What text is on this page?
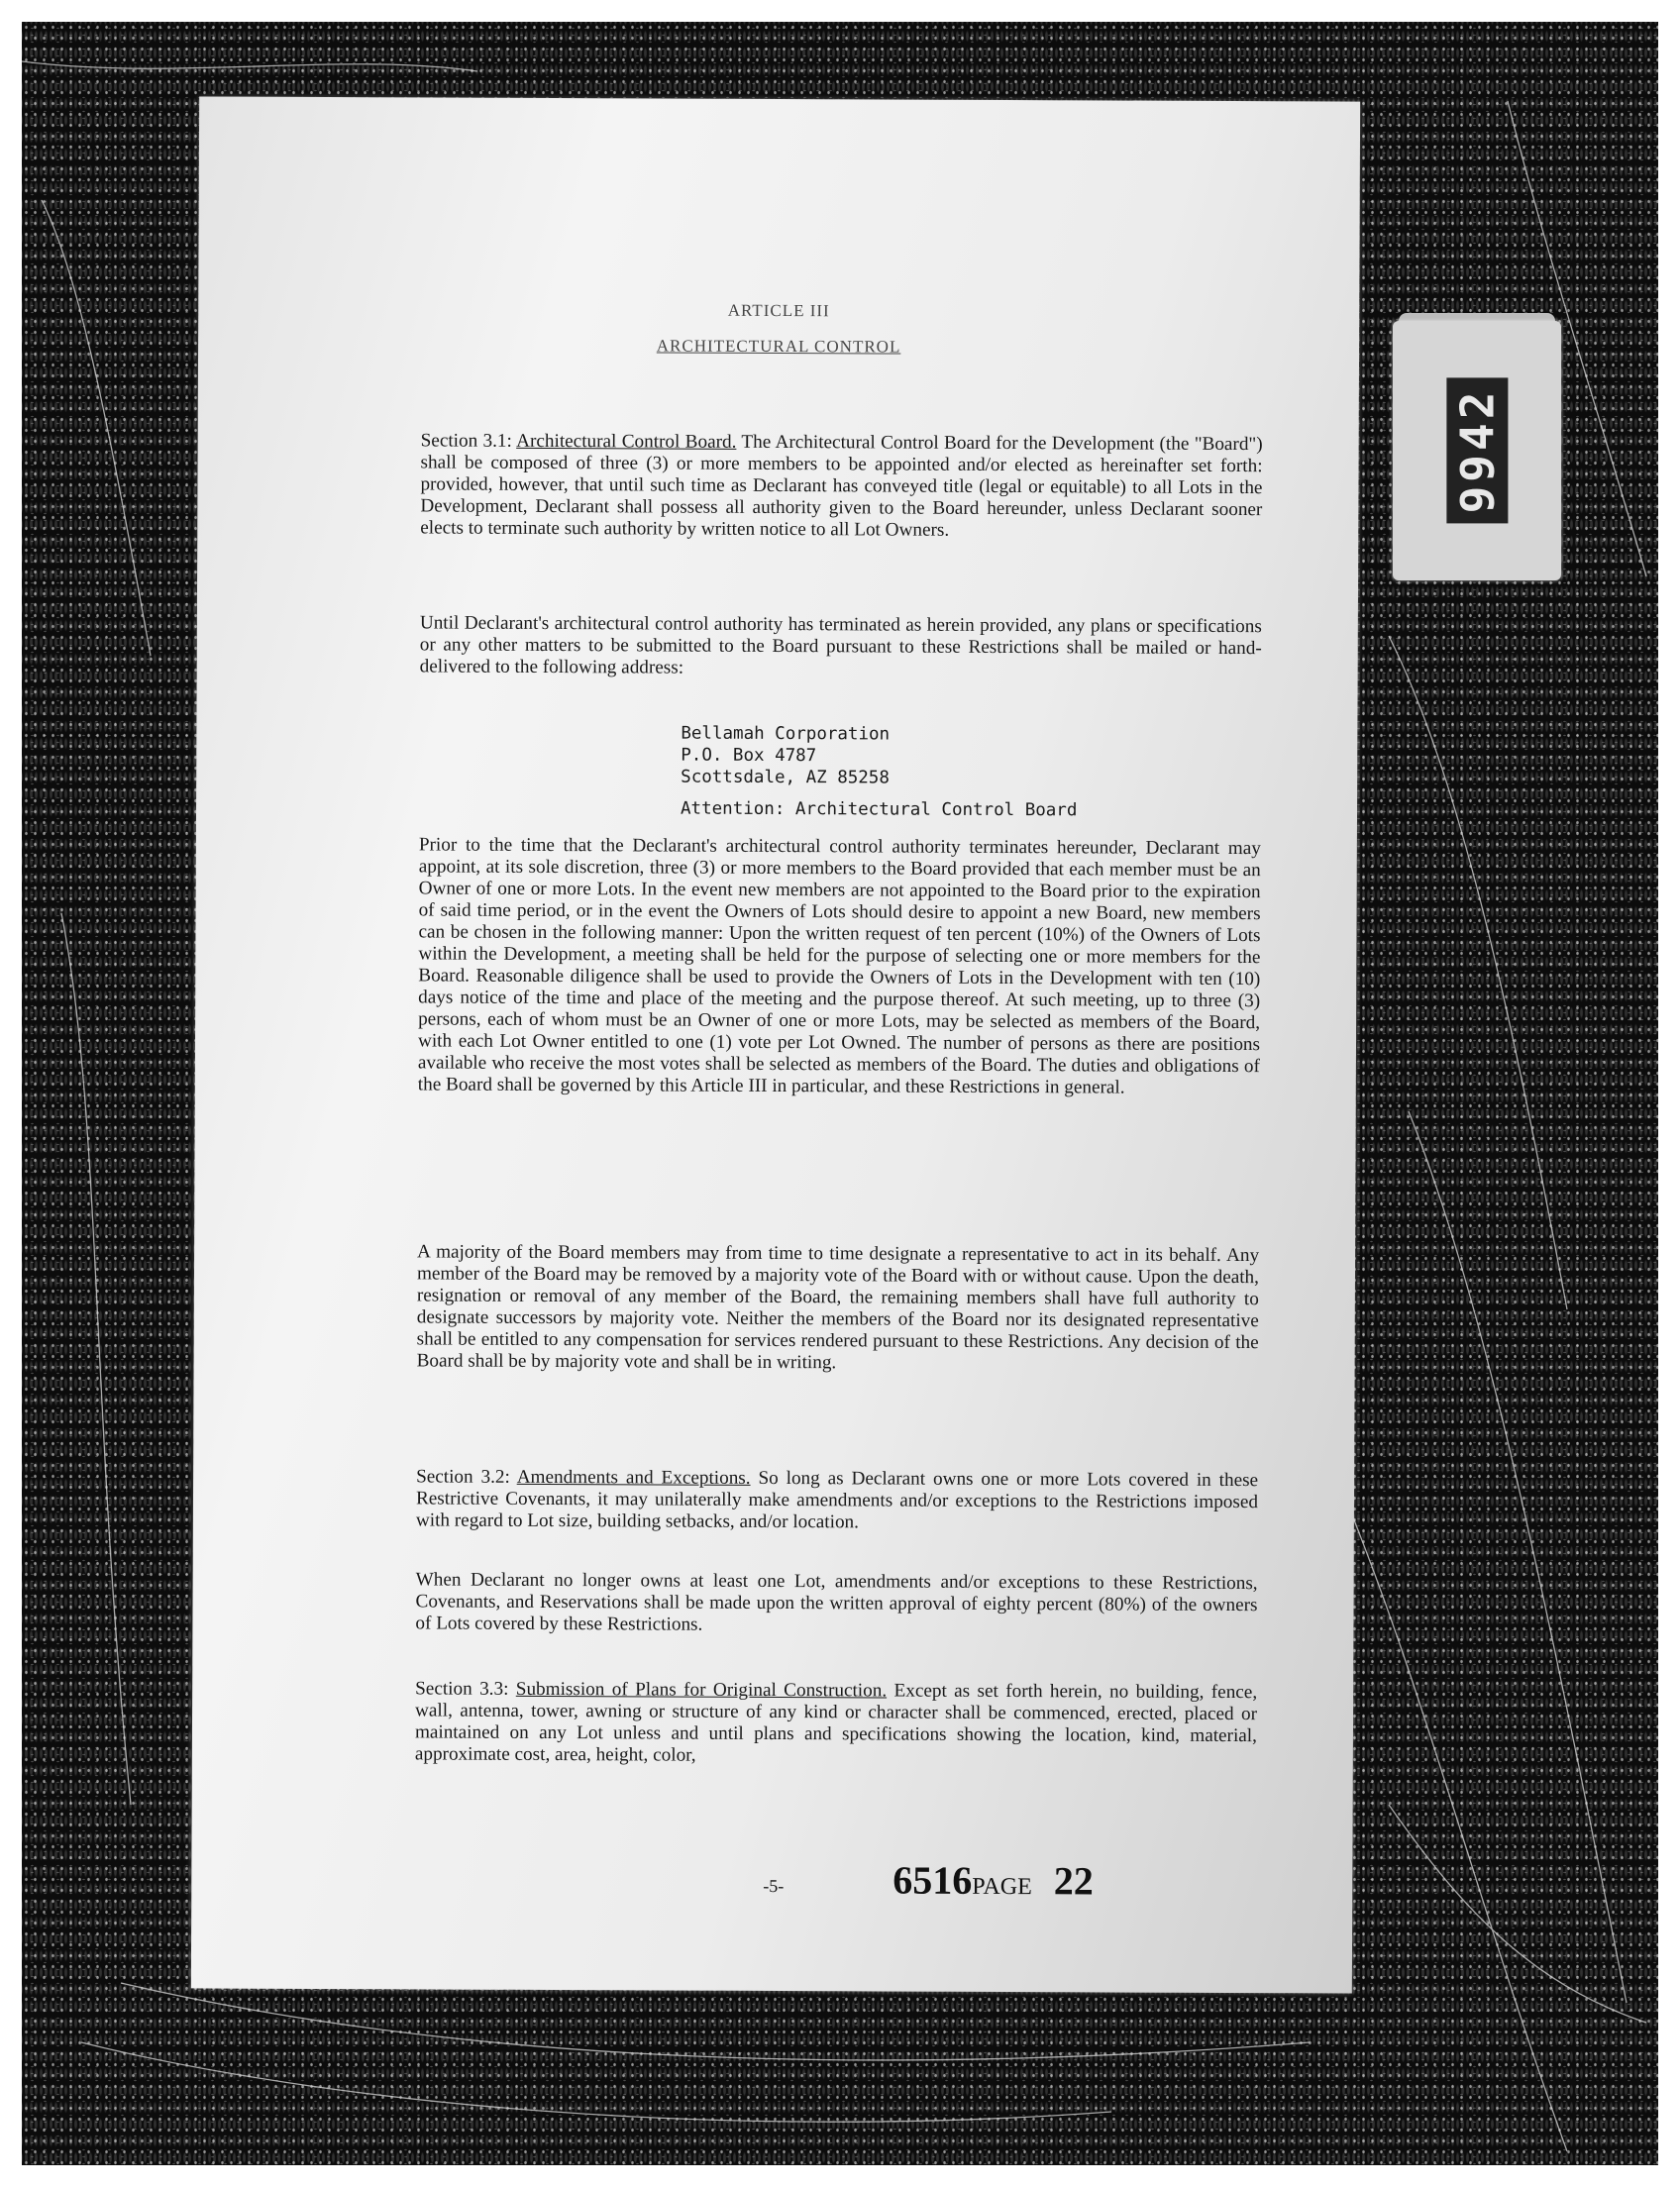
ARTICLE III
ARCHITECTURAL CONTROL

Section 3.1: Architectural Control Board. The Architectural Control Board for the Development (the "Board") shall be composed of three (3) or more members to be appointed and/or elected as hereinafter set forth: provided, however, that until such time as Declarant has conveyed title (legal or equitable) to all Lots in the Development, Declarant shall possess all authority given to the Board hereunder, unless Declarant sooner elects to terminate such authority by written notice to all Lot Owners.

Until Declarant's architectural control authority has terminated as herein provided, any plans or specifications or any other matters to be submitted to the Board pursuant to these Restrictions shall be mailed or hand-delivered to the following address:

Bellamah Corporation
P.O. Box 4787
Scottsdale, AZ 85258
Attention: Architectural Control Board

Prior to the time that the Declarant's architectural control authority terminates hereunder, Declarant may appoint, at its sole discretion, three (3) or more members to the Board provided that each member must be an Owner of one or more Lots. In the event new members are not appointed to the Board prior to the expiration of said time period, or in the event the Owners of Lots should desire to appoint a new Board, new members can be chosen in the following manner: Upon the written request of ten percent (10%) of the Owners of Lots within the Development, a meeting shall be held for the purpose of selecting one or more members for the Board. Reasonable diligence shall be used to provide the Owners of Lots in the Development with ten (10) days notice of the time and place of the meeting and the purpose thereof. At such meeting, up to three (3) persons, each of whom must be an Owner of one or more Lots, may be selected as members of the Board, with each Lot Owner entitled to one (1) vote per Lot Owned. The number of persons as there are positions available who receive the most votes shall be selected as members of the Board. The duties and obligations of the Board shall be governed by this Article III in particular, and these Restrictions in general.

A majority of the Board members may from time to time designate a representative to act in its behalf. Any member of the Board may be removed by a majority vote of the Board with or without cause. Upon the death, resignation or removal of any member of the Board, the remaining members shall have full authority to designate successors by majority vote. Neither the members of the Board nor its designated representative shall be entitled to any compensation for services rendered pursuant to these Restrictions. Any decision of the Board shall be by majority vote and shall be in writing.

Section 3.2: Amendments and Exceptions. So long as Declarant owns one or more Lots covered in these Restrictive Covenants, it may unilaterally make amendments and/or exceptions to the Restrictions imposed with regard to Lot size, building setbacks, and/or location.

When Declarant no longer owns at least one Lot, amendments and/or exceptions to these Restrictions, Covenants, and Reservations shall be made upon the written approval of eighty percent (80%) of the owners of Lots covered by these Restrictions.

Section 3.3: Submission of Plans for Original Construction. Except as set forth herein, no building, fence, wall, antenna, tower, awning or structure of any kind or character shall be commenced, erected, placed or maintained on any Lot unless and until plans and specifications showing the location, kind, material, approximate cost, area, height, color,

-5-	6516PAGE 22
9942
